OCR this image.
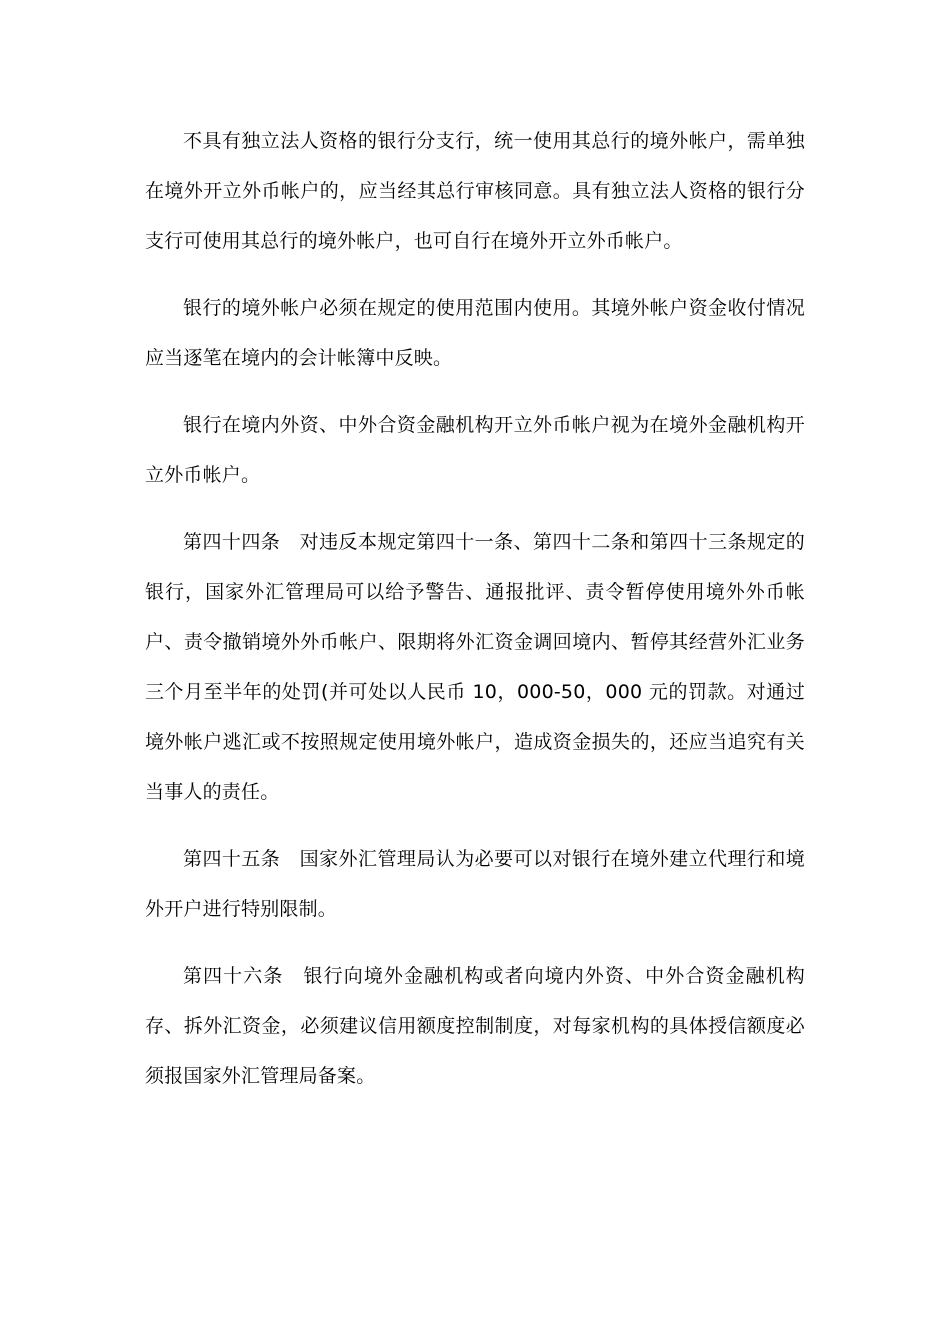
不具有独立法人资格的银行分支行，统一使用其总行的境外帐户，需单独在境外开立外币帐户的，应当经其总行审核同意。具有独立法人资格的银行分支行可使用其总行的境外帐户，也可自行在境外开立外币帐户。

银行的境外帐户必须在规定的使用范围内使用。其境外帐户资金收付情况应当逐笔在境内的会计帐簿中反映。

银行在境内外资、中外合资金融机构开立外币帐户视为在境外金融机构开立外币帐户。

第四十四条　对违反本规定第四十一条、第四十二条和第四十三条规定的银行，国家外汇管理局可以给予警告、通报批评、责令暂停使用境外外币帐户、责令撤销境外外币帐户、限期将外汇资金调回境内、暂停其经营外汇业务三个月至半年的处罚(并可处以人民币 10，000-50，000 元的罚款。对通过境外帐户逃汇或不按照规定使用境外帐户，造成资金损失的，还应当追究有关当事人的责任。

第四十五条　国家外汇管理局认为必要可以对银行在境外建立代理行和境外开户进行特别限制。

第四十六条　银行向境外金融机构或者向境内外资、中外合资金融机构存、拆外汇资金，必须建议信用额度控制制度，对每家机构的具体授信额度必须报国家外汇管理局备案。
